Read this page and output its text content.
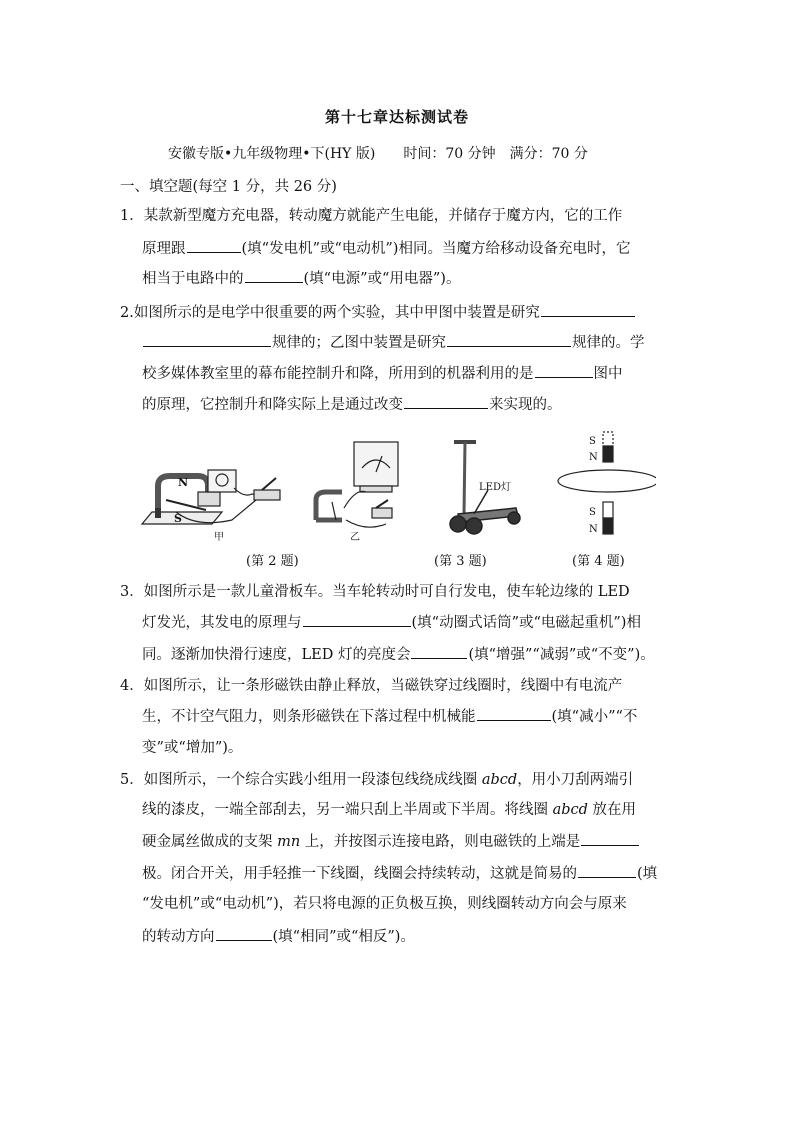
第十七章达标测试卷
安徽专版•九年级物理•下(HY 版)　　时间：70 分钟　满分：70 分
一、填空题(每空 1 分，共 26 分)
1．某款新型魔方充电器，转动魔方就能产生电能，并储存于魔方内，它的工作
原理跟	(填“发电机”或“电动机”)相同。当魔方给移动设备充电时，它
相当于电路中的	(填“电源”或“用电器”)。
2.如图所示的是电学中很重要的两个实验，其中甲图中装置是研究
规律的；乙图中装置是研究	规律的。学
校多媒体教室里的幕布能控制升和降，所用到的机器利用的是	图中
的原理，它控制升和降实际上是通过改变	来实现的。
N
S
甲	乙
LED灯
S
N
S
N
(第 2 题)	(第 3 题)	(第 4 题)
3．如图所示是一款儿童滑板车。当车轮转动时可自行发电，使车轮边缘的 LED
灯发光，其发电的原理与	(填“动圈式话筒”或“电磁起重机”)相
同。逐渐加快滑行速度，LED 灯的亮度会	(填“增强”“减弱”或“不变”)。
4．如图所示，让一条形磁铁由静止释放，当磁铁穿过线圈时，线圈中有电流产
生，不计空气阻力，则条形磁铁在下落过程中机械能	(填“减小”“不
变”或“增加”)。
5．如图所示，一个综合实践小组用一段漆包线绕成线圈 abcd，用小刀刮两端引
线的漆皮，一端全部刮去，另一端只刮上半周或下半周。将线圈 abcd 放在用
硬金属丝做成的支架 mn 上，并按图示连接电路，则电磁铁的上端是
极。闭合开关，用手轻推一下线圈，线圈会持续转动，这就是简易的	(填
“发电机”或“电动机”)，若只将电源的正负极互换，则线圈转动方向会与原来
的转动方向	(填“相同”或“相反”)。
